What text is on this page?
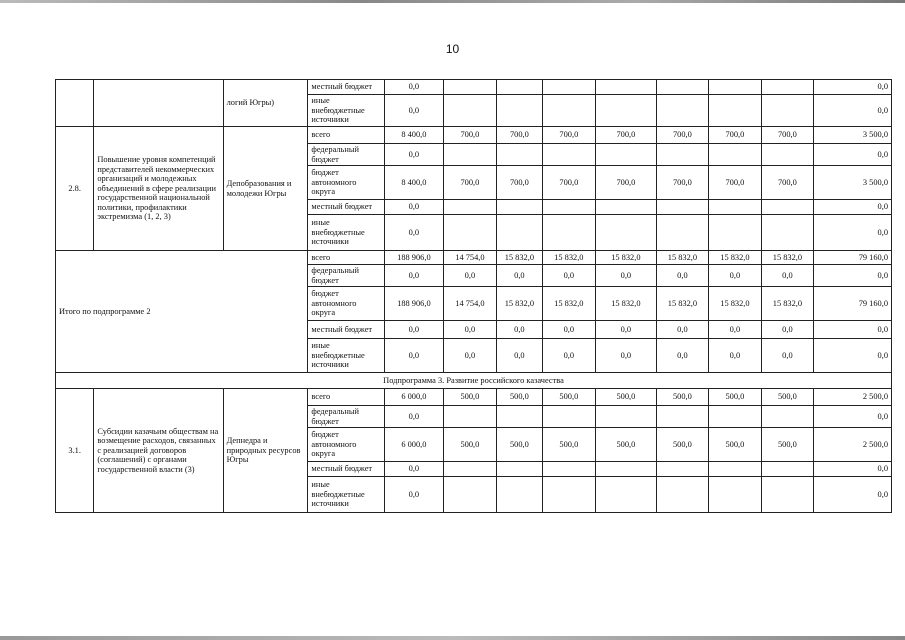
10
		логий Югры)	местный бюджет	0,0								0,0
			иные внебюджетные источники	0,0								0,0
2.8.	Повышение уровня компетенций представителей некоммерческих организаций и молодежных объединений в сфере реализации государственной национальной политики, профилактики экстремизма (1, 2, 3)	Депобразования и молодежи Югры	всего	8 400,0	700,0	700,0	700,0	700,0	700,0	700,0	700,0	3 500,0
			федеральный бюджет	0,0								0,0
			бюджет автономного округа	8 400,0	700,0	700,0	700,0	700,0	700,0	700,0	700,0	3 500,0
			местный бюджет	0,0								0,0
			иные внебюджетные источники	0,0								0,0
Итого по подпрограмме 2			всего	188 906,0	14 754,0	15 832,0	15 832,0	15 832,0	15 832,0	15 832,0	15 832,0	79 160,0
			федеральный бюджет	0,0	0,0	0,0	0,0	0,0	0,0	0,0	0,0	0,0
			бюджет автономного округа	188 906,0	14 754,0	15 832,0	15 832,0	15 832,0	15 832,0	15 832,0	15 832,0	79 160,0
			местный бюджет	0,0	0,0	0,0	0,0	0,0	0,0	0,0	0,0	0,0
			иные внебюджетные источники	0,0	0,0	0,0	0,0	0,0	0,0	0,0	0,0	0,0
Подпрограмма 3. Развитие российского казачества												
3.1.	Субсидии казачьим обществам на возмещение расходов, связанных с реализацией договоров (соглашений) с органами государственной власти (3)	Депнедра и природных ресурсов Югры	всего	6 000,0	500,0	500,0	500,0	500,0	500,0	500,0	500,0	2 500,0
			федеральный бюджет	0,0								0,0
			бюджет автономного округа	6 000,0	500,0	500,0	500,0	500,0	500,0	500,0	500,0	2 500,0
			местный бюджет	0,0								0,0
			иные внебюджетные источники	0,0								0,0
